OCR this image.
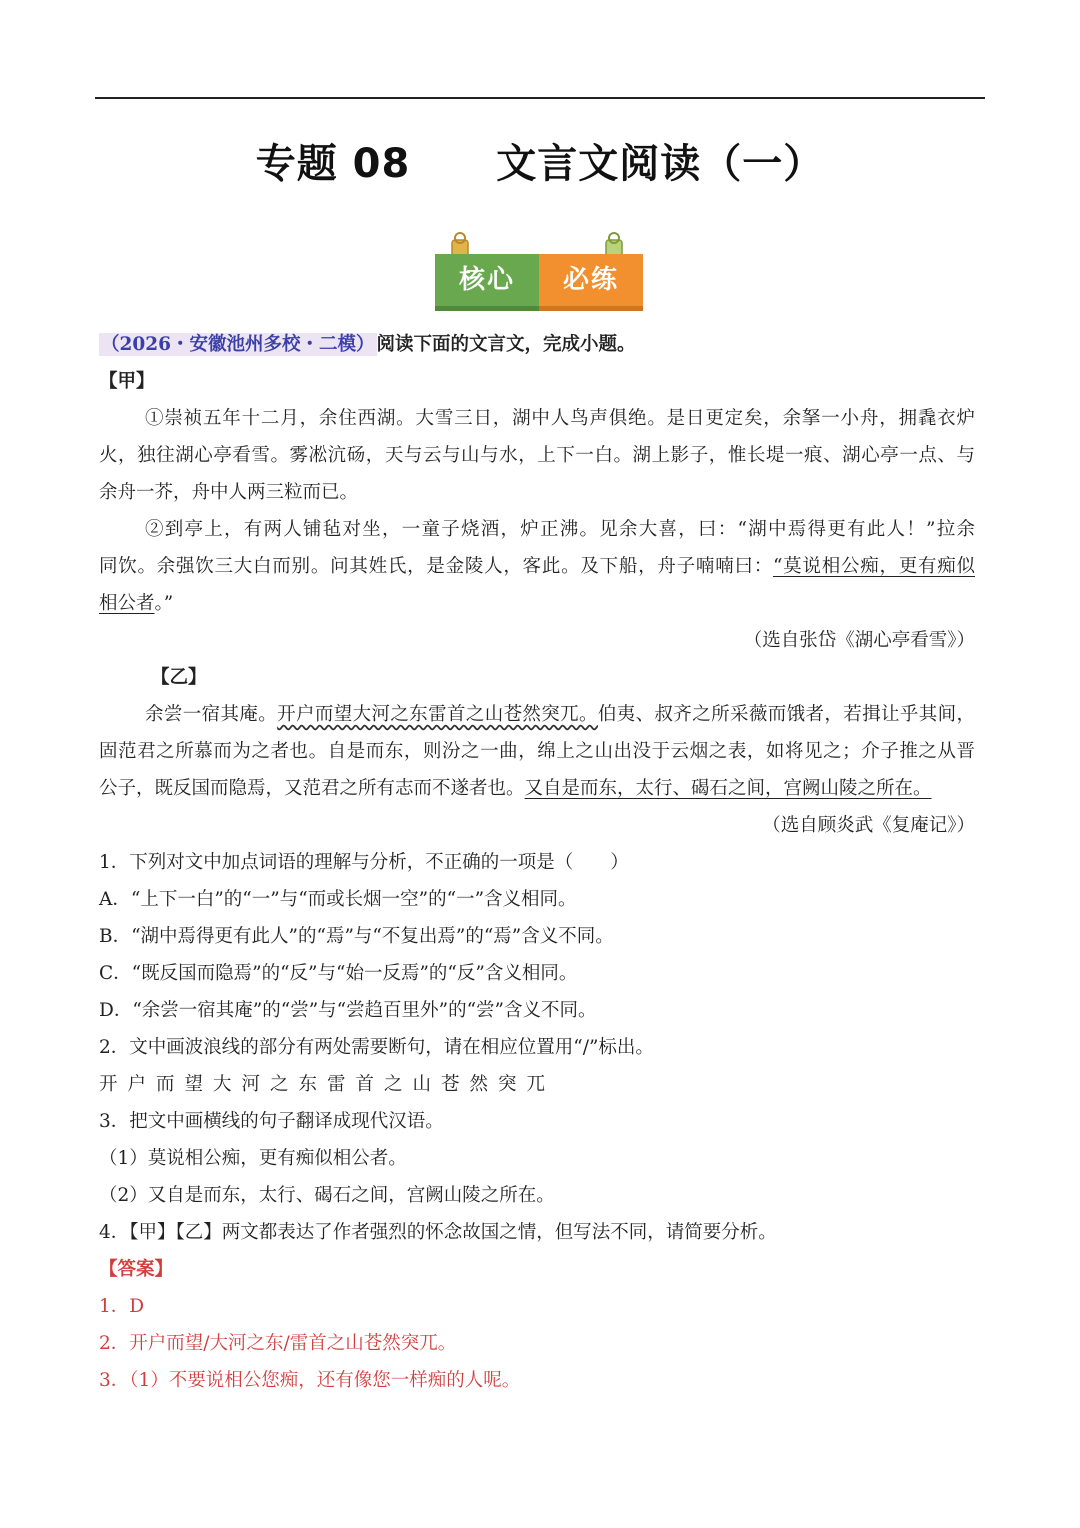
专题 08 文言文阅读（一）
核心	必练
（2026・安徽池州多校・二模） 阅读下面的文言文，完成小题。
【甲】
①崇祯五年十二月，余住西湖。大雪三日，湖中人鸟声俱绝。是日更定矣，余拏一小舟，拥毳衣炉
火，独往湖心亭看雪。雾凇沆砀，天与云与山与水，上下一白。湖上影子，惟长堤一痕、湖心亭一点、与
余舟一芥，舟中人两三粒而已。
②到亭上，有两人铺毡对坐，一童子烧酒，炉正沸。见余大喜，曰：“湖中焉得更有此人！”拉余
同饮。余强饮三大白而别。问其姓氏，是金陵人，客此。及下船，舟子喃喃曰：“莫说相公痴，更有痴似
相公者。”
（选自张岱《湖心亭看雪》）
【乙】
余尝一宿其庵。开户而望大河之东雷首之山苍然突兀。伯夷、叔齐之所采薇而饿者，若揖让乎其间，
固范君之所慕而为之者也。自是而东，则汾之一曲，绵上之山出没于云烟之表，如将见之；介子推之从晋
公子，既反国而隐焉，又范君之所有志而不遂者也。又自是而东，太行、碣石之间，宫阙山陵之所在。
（选自顾炎武《复庵记》）
1．下列对文中加点词语的理解与分析，不正确的一项是（　　）
A．“上下一白”的“一”与“而或长烟一空”的“一”含义相同。
B．“湖中焉得更有此人”的“焉”与“不复出焉”的“焉”含义不同。
C．“既反国而隐焉”的“反”与“始一反焉”的“反”含义相同。
D．“余尝一宿其庵”的“尝”与“尝趋百里外”的“尝”含义不同。
2．文中画波浪线的部分有两处需要断句，请在相应位置用“/”标出。
开户而望大河之东雷首之山苍然突兀
3．把文中画横线的句子翻译成现代汉语。
（1）莫说相公痴，更有痴似相公者。
（2）又自是而东，太行、碣石之间，宫阙山陵之所在。
4．【甲】【乙】两文都表达了作者强烈的怀念故国之情，但写法不同，请简要分析。
【答案】
1．D
2．开户而望/大河之东/雷首之山苍然突兀。
3．（1）不要说相公您痴，还有像您一样痴的人呢。
